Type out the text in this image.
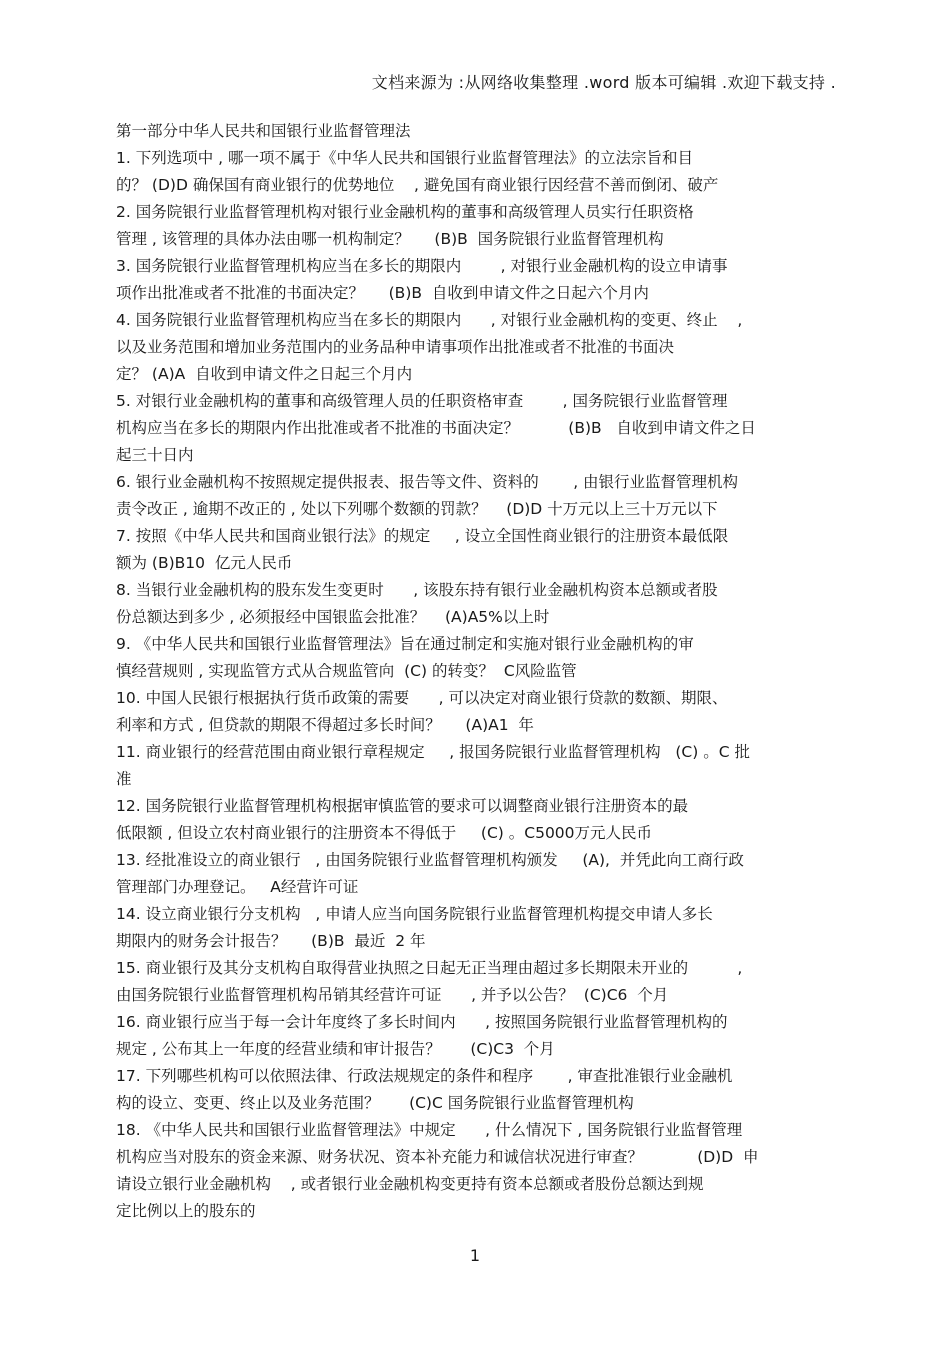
文档来源为 :从网络收集整理 .word 版本可编辑 .欢迎下载支持 .
第一部分中华人民共和国银行业监督管理法
1. 下列选项中 , 哪一项不属于《中华人民共和国银行业监督管理法》的立法宗旨和目
的？ (D)D 确保国有商业银行的优势地位    , 避免国有商业银行因经营不善而倒闭、破产
2. 国务院银行业监督管理机构对银行业金融机构的董事和高级管理人员实行任职资格
管理 , 该管理的具体办法由哪一机构制定？     (B)B  国务院银行业监督管理机构
3. 国务院银行业监督管理机构应当在多长的期限内        , 对银行业金融机构的设立申请事
项作出批准或者不批准的书面决定？     (B)B  自收到申请文件之日起六个月内
4. 国务院银行业监督管理机构应当在多长的期限内      , 对银行业金融机构的变更、终止    ,
以及业务范围和增加业务范围内的业务品种申请事项作出批准或者不批准的书面决
定？ (A)A  自收到申请文件之日起三个月内
5. 对银行业金融机构的董事和高级管理人员的任职资格审查        , 国务院银行业监督管理
机构应当在多长的期限内作出批准或者不批准的书面决定？          (B)B   自收到申请文件之日
起三十日内
6. 银行业金融机构不按照规定提供报表、报告等文件、资料的       , 由银行业监督管理机构
责令改正 , 逾期不改正的 , 处以下列哪个数额的罚款？    (D)D 十万元以上三十万元以下
7. 按照《中华人民共和国商业银行法》的规定     , 设立全国性商业银行的注册资本最低限
额为 (B)B10  亿元人民币
8. 当银行业金融机构的股东发生变更时      , 该股东持有银行业金融机构资本总额或者股
份总额达到多少 , 必须报经中国银监会批准？    (A)A5%以上时
9. 《中华人民共和国银行业监督管理法》旨在通过制定和实施对银行业金融机构的审
慎经营规则 , 实现监管方式从合规监管向  (C) 的转变？  C风险监管
10. 中国人民银行根据执行货币政策的需要      , 可以决定对商业银行贷款的数额、期限、
利率和方式 , 但贷款的期限不得超过多长时间？     (A)A1  年
11. 商业银行的经营范围由商业银行章程规定     , 报国务院银行业监督管理机构   (C) 。C 批
准
12. 国务院银行业监督管理机构根据审慎监管的要求可以调整商业银行注册资本的最
低限额 , 但设立农村商业银行的注册资本不得低于     (C) 。C5000万元人民币
13. 经批准设立的商业银行   , 由国务院银行业监督管理机构颁发     (A),  并凭此向工商行政
管理部门办理登记。   A经营许可证
14. 设立商业银行分支机构   , 申请人应当向国务院银行业监督管理机构提交申请人多长
期限内的财务会计报告？     (B)B  最近  2 年
15. 商业银行及其分支机构自取得营业执照之日起无正当理由超过多长期限未开业的          ,
由国务院银行业监督管理机构吊销其经营许可证      , 并予以公告？  (C)C6  个月
16. 商业银行应当于每一会计年度终了多长时间内      , 按照国务院银行业监督管理机构的
规定 , 公布其上一年度的经营业绩和审计报告？      (C)C3  个月
17. 下列哪些机构可以依照法律、行政法规规定的条件和程序       , 审查批准银行业金融机
构的设立、变更、终止以及业务范围？      (C)C 国务院银行业监督管理机构
18. 《中华人民共和国银行业监督管理法》中规定      , 什么情况下 , 国务院银行业监督管理
机构应当对股东的资金来源、财务状况、资本补充能力和诚信状况进行审查？           (D)D  申
请设立银行业金融机构    , 或者银行业金融机构变更持有资本总额或者股份总额达到规
定比例以上的股东的
1
